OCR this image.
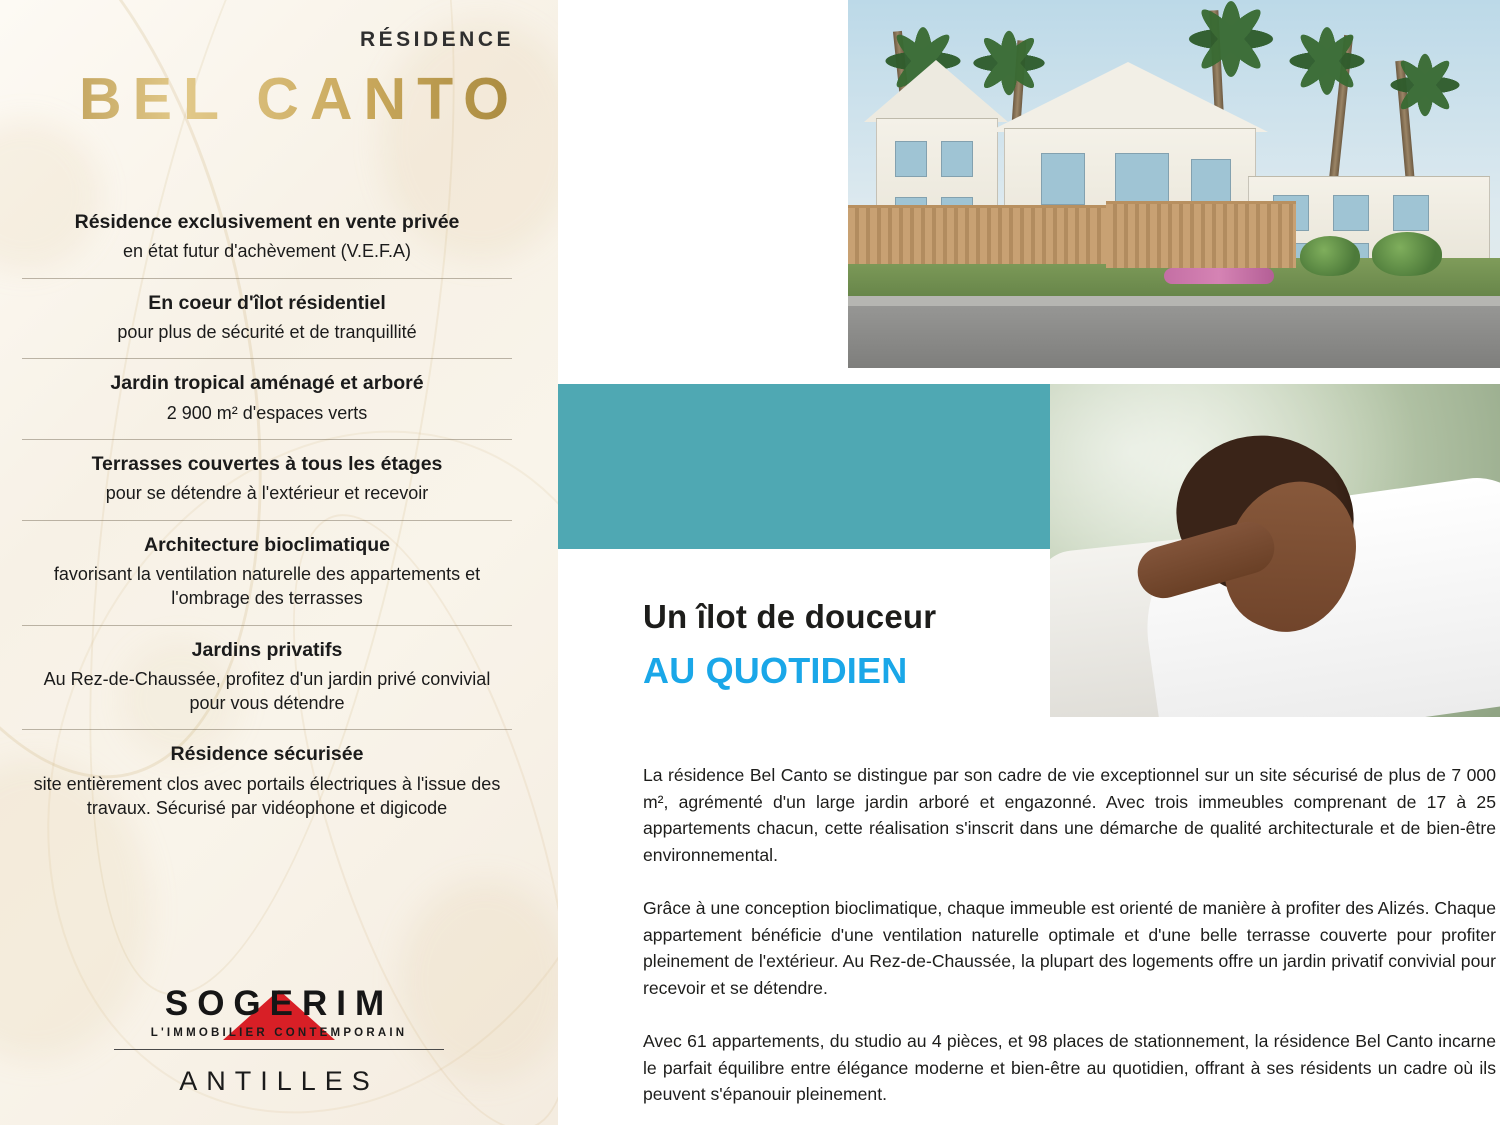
RÉSIDENCE
BEL CANTO
Résidence exclusivement en vente privée
en état futur d'achèvement (V.E.F.A)
En coeur d'îlot résidentiel
pour plus de sécurité et de tranquillité
Jardin tropical aménagé et arboré
2 900 m² d'espaces verts
Terrasses couvertes à tous les étages
pour se détendre à l'extérieur et recevoir
Architecture bioclimatique
favorisant la ventilation naturelle des appartements et l'ombrage des terrasses
Jardins privatifs
Au Rez-de-Chaussée, profitez d'un jardin privé convivial pour vous détendre
Résidence sécurisée
site entièrement clos avec portails électriques à l'issue des travaux. Sécurisé par vidéophone et digicode
SOGERIM
L'IMMOBILIER CONTEMPORAIN
ANTILLES
Un îlot de douceur
AU QUOTIDIEN

La résidence Bel Canto se distingue par son cadre de vie exceptionnel sur un site sécurisé de plus de 7 000 m², agrémenté d'un large jardin arboré et engazonné. Avec trois immeubles comprenant de 17 à 25 appartements chacun, cette réalisation s'inscrit dans une démarche de qualité architecturale et de bien-être environnemental.

Grâce à une conception bioclimatique, chaque immeuble est orienté de manière à profiter des Alizés. Chaque appartement bénéficie d'une ventilation naturelle optimale et d'une belle terrasse couverte pour profiter pleinement de l'extérieur. Au Rez-de-Chaussée, la plupart des logements offre un jardin privatif convivial pour recevoir et se détendre.

Avec 61 appartements, du studio au 4 pièces, et 98 places de stationnement, la résidence Bel Canto incarne le parfait équilibre entre élégance moderne et bien-être au quotidien, offrant à ses résidents un cadre où ils peuvent s'épanouir pleinement.
